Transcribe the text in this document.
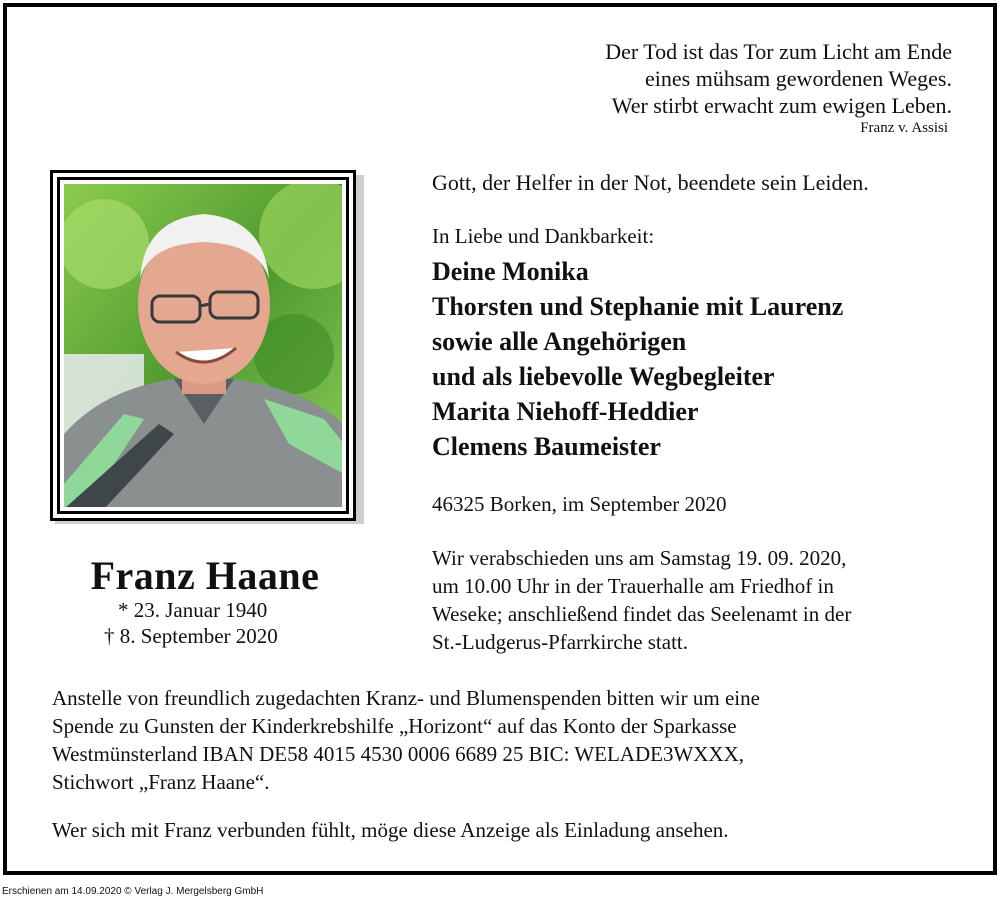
Der Tod ist das Tor zum Licht am Ende
eines mühsam gewordenen Weges.
Wer stirbt erwacht zum ewigen Leben.
Franz v. Assisi
Franz Haane
* 23. Januar 1940
† 8. September 2020
Gott, der Helfer in der Not, beendete sein Leiden.
In Liebe und Dankbarkeit:
Deine Monika
Thorsten und Stephanie mit Laurenz
sowie alle Angehörigen
und als liebevolle Wegbegleiter
Marita Niehoff-Heddier
Clemens Baumeister
46325 Borken, im September 2020
Wir verabschieden uns am Samstag 19. 09. 2020,
um 10.00 Uhr in der Trauerhalle am Friedhof in
Weseke; anschließend findet das Seelenamt in der
St.-Ludgerus-Pfarrkirche statt.
Anstelle von freundlich zugedachten Kranz- und Blumenspenden bitten wir um eine
Spende zu Gunsten der Kinderkrebshilfe „Horizont“ auf das Konto der Sparkasse
Westmünsterland IBAN DE58 4015 4530 0006 6689 25 BIC: WELADE3WXXX,
Stichwort „Franz Haane“.
Wer sich mit Franz verbunden fühlt, möge diese Anzeige als Einladung ansehen.
Erschienen am 14.09.2020 © Verlag J. Mergelsberg GmbH
